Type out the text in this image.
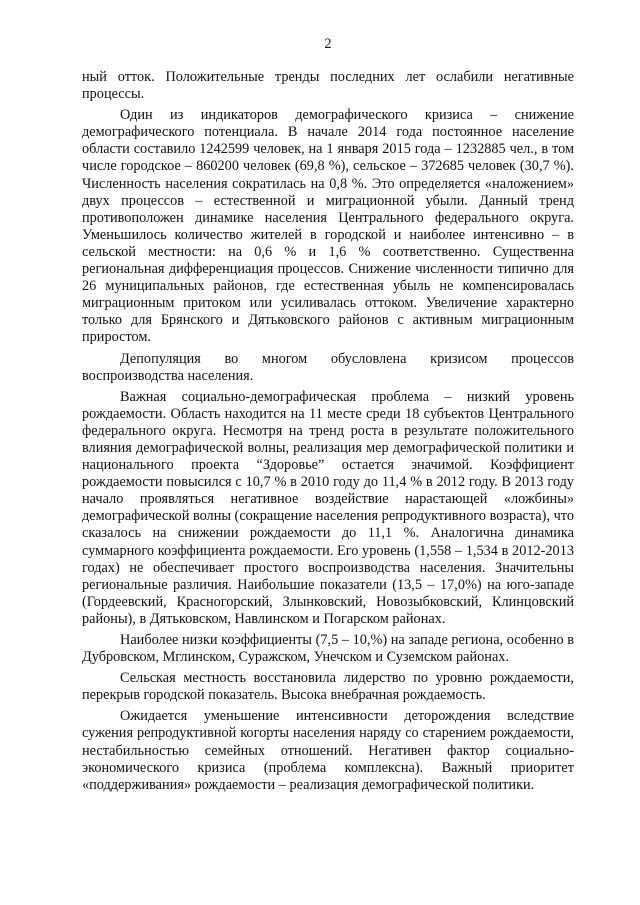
2

ный отток. Положительные тренды последних лет ослабили негативные процессы.

Один из индикаторов демографического кризиса – снижение демографического потенциала. В начале 2014 года постоянное население области составило 1242599 человек, на 1 января 2015 года – 1232885 чел., в том числе городское – 860200 человек (69,8 %), сельское – 372685 человек (30,7 %). Численность населения сократилась на 0,8 %. Это определяется «наложением» двух процессов – естественной и миграционной убыли. Данный тренд противоположен динамике населения Центрального федерального округа. Уменьшилось количество жителей в городской и наиболее интенсивно – в сельской местности: на 0,6 % и 1,6 % соответственно. Существенна региональная дифференциация процессов. Снижение численности типично для 26 муниципальных районов, где естественная убыль не компенсировалась миграционным притоком или усиливалась оттоком. Увеличение характерно только для Брянского и Дятьковского районов с активным миграционным приростом.

Депопуляция во многом обусловлена кризисом процессов воспроизводства населения.

Важная социально-демографическая проблема – низкий уровень рождаемости. Область находится на 11 месте среди 18 субъектов Центрального федерального округа. Несмотря на тренд роста в результате положительного влияния демографической волны, реализация мер демографической политики и национального проекта “Здоровье” остается значимой. Коэффициент рождаемости повысился с 10,7 % в 2010 году до 11,4 % в 2012 году. В 2013 году начало проявляться негативное воздействие нарастающей «ложбины» демографической волны (сокращение населения репродуктивного возраста), что сказалось на снижении рождаемости до 11,1 %. Аналогична динамика суммарного коэффициента рождаемости. Его уровень (1,558 – 1,534 в 2012-2013 годах) не обеспечивает простого воспроизводства населения. Значительны региональные различия. Наибольшие показатели (13,5 – 17,0%) на юго-западе (Гордеевский, Красногорский, Злынковский, Новозыбковский, Клинцовский районы), в Дятьковском, Навлинском и Погарском районах.

Наиболее низки коэффициенты (7,5 – 10,%) на западе региона, особенно в Дубровском, Мглинском, Суражском, Унечском и Суземском районах.

Сельская местность восстановила лидерство по уровню рождаемости, перекрыв городской показатель. Высока внебрачная рождаемость.

Ожидается уменьшение интенсивности деторождения вследствие сужения репродуктивной когорты населения наряду со старением рождаемости, нестабильностью семейных отношений. Негативен фактор социально-экономического кризиса (проблема комплексна). Важный приоритет «поддерживания» рождаемости – реализация демографической политики.
